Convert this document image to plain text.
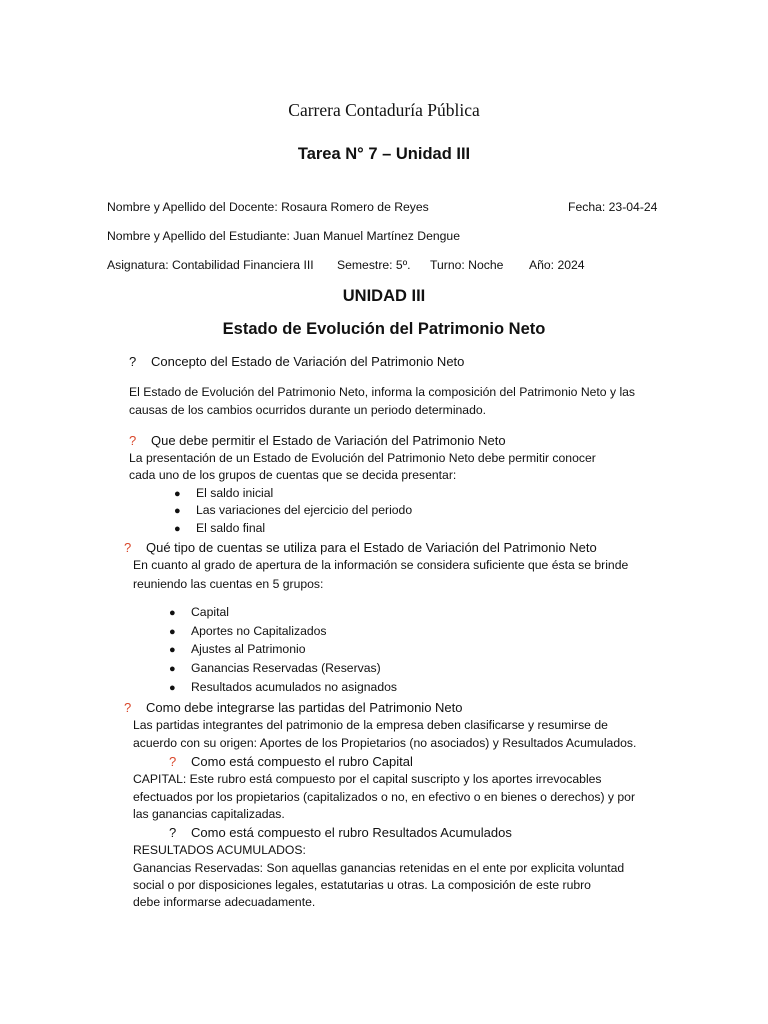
Carrera Contaduría Pública
Tarea N° 7 – Unidad III
Nombre y Apellido del Docente: Rosaura Romero de Reyes	Fecha: 23-04-24
Nombre y Apellido del Estudiante: Juan Manuel Martínez Dengue
Asignatura: Contabilidad Financiera III Semestre: 5º. Turno: Noche Año: 2024
UNIDAD III
Estado de Evolución del Patrimonio Neto
? Concepto del Estado de Variación del Patrimonio Neto
El Estado de Evolución del Patrimonio Neto, informa la composición del Patrimonio Neto y las
causas de los cambios ocurridos durante un periodo determinado.
? Que debe permitir el Estado de Variación del Patrimonio Neto
La presentación de un Estado de Evolución del Patrimonio Neto debe permitir conocer
cada uno de los grupos de cuentas que se decida presentar:
● El saldo inicial
● Las variaciones del ejercicio del periodo
● El saldo final
? Qué tipo de cuentas se utiliza para el Estado de Variación del Patrimonio Neto
En cuanto al grado de apertura de la información se considera suficiente que ésta se brinde
reuniendo las cuentas en 5 grupos:
● Capital
● Aportes no Capitalizados
● Ajustes al Patrimonio
● Ganancias Reservadas (Reservas)
● Resultados acumulados no asignados
? Como debe integrarse las partidas del Patrimonio Neto
Las partidas integrantes del patrimonio de la empresa deben clasificarse y resumirse de
acuerdo con su origen: Aportes de los Propietarios (no asociados) y Resultados Acumulados.
? Como está compuesto el rubro Capital
CAPITAL: Este rubro está compuesto por el capital suscripto y los aportes irrevocables
efectuados por los propietarios (capitalizados o no, en efectivo o en bienes o derechos) y por
las ganancias capitalizadas.
? Como está compuesto el rubro Resultados Acumulados
RESULTADOS ACUMULADOS:
Ganancias Reservadas: Son aquellas ganancias retenidas en el ente por explicita voluntad
social o por disposiciones legales, estatutarias u otras. La composición de este rubro
debe informarse adecuadamente.
